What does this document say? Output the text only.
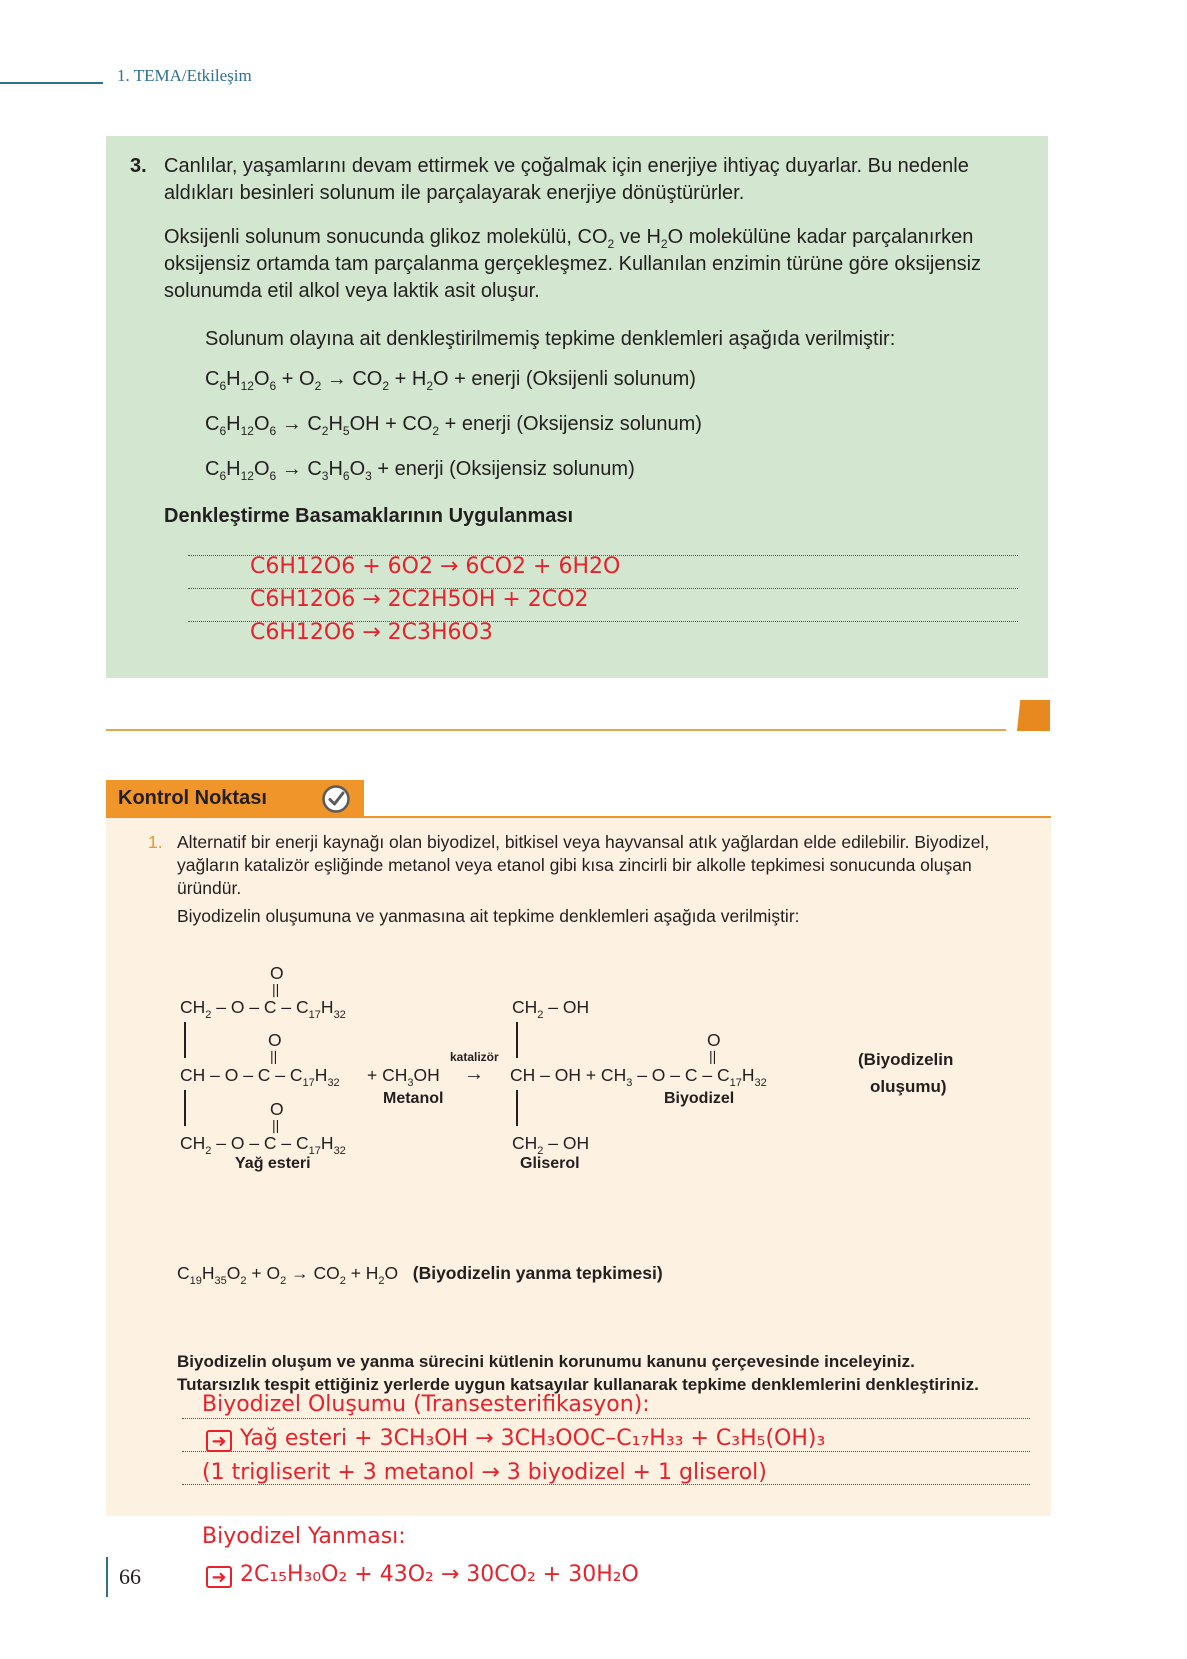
1. TEMA/Etkileşim
3. Canlılar, yaşamlarını devam ettirmek ve çoğalmak için enerjiye ihtiyaç duyarlar. Bu nedenle
aldıkları besinleri solunum ile parçalayarak enerjiye dönüştürürler.
Oksijenli solunum sonucunda glikoz molekülü, $CO_2$ ve $H_2O$ molekülüne kadar parçalanırken
oksijensiz ortamda tam parçalanma gerçekleşmez. Kullanılan enzimin türüne göre oksijensiz
solunumda etil alkol veya laktik asit oluşur.
Solunum olayına ait denkleştirilmemiş tepkime denklemleri aşağıda verilmiştir:
$C_6H_{12}O_6 + O_2 \to CO_2 + H_2O$ + enerji (Oksijenli solunum)
$C_6H_{12}O_6 \to C_2H_5OH + CO_2$ + enerji (Oksijensiz solunum)
$C_6H_{12}O_6 \to C_3H_6O_3$ + enerji (Oksijensiz solunum)
Denkleştirme Basamaklarının Uygulanması
C6H12O6 + 6O2 → 6CO2 + 6H2O
C6H12O6 → 2C2H5OH + 2CO2
C6H12O6 → 2C3H6O3
Kontrol Noktası
1. Alternatif bir enerji kaynağı olan biyodizel, bitkisel veya hayvansal atık yağlardan elde edilebilir. Biyodizel,
yağların katalizör eşliğinde metanol veya etanol gibi kısa zincirli bir alkolle tepkimesi sonucunda oluşan
üründür.
Biyodizelin oluşumuna ve yanmasına ait tepkime denklemleri aşağıda verilmiştir:
O
||
$CH_2$ – O – C – $C_{17}H_{32}$
O
||
CH – O – C – $C_{17}H_{32}$
O
||
$CH_2$ – O – C – $C_{17}H_{32}$
Yağ esteri
+ $CH_3OH$
Metanol
katalizör
→
$CH_2$ – OH
CH – OH + $CH_3$ – O – C – $C_{17}H_{32}$
$CH_2$ – OH
Gliserol
O
||
Biyodizel
(Biyodizelin
oluşumu)
$C_{19}H_{35}O_2 + O_2 \to CO_2 + H_2O$   (Biyodizelin yanma tepkimesi)
Biyodizelin oluşum ve yanma sürecini kütlenin korunumu kanunu çerçevesinde inceleyiniz.
Tutarsızlık tespit ettiğiniz yerlerde uygun katsayılar kullanarak tepkime denklemlerini denkleştiriniz.
Biyodizel Oluşumu (Transesterifikasyon):
➜ Yağ esteri + 3CH₃OH → 3CH₃OOC–C₁₇H₃₃ + C₃H₅(OH)₃
(1 trigliserit + 3 metanol → 3 biyodizel + 1 gliserol)
Biyodizel Yanması:
➜ 2C₁₅H₃₀O₂ + 43O₂ → 30CO₂ + 30H₂O
66
